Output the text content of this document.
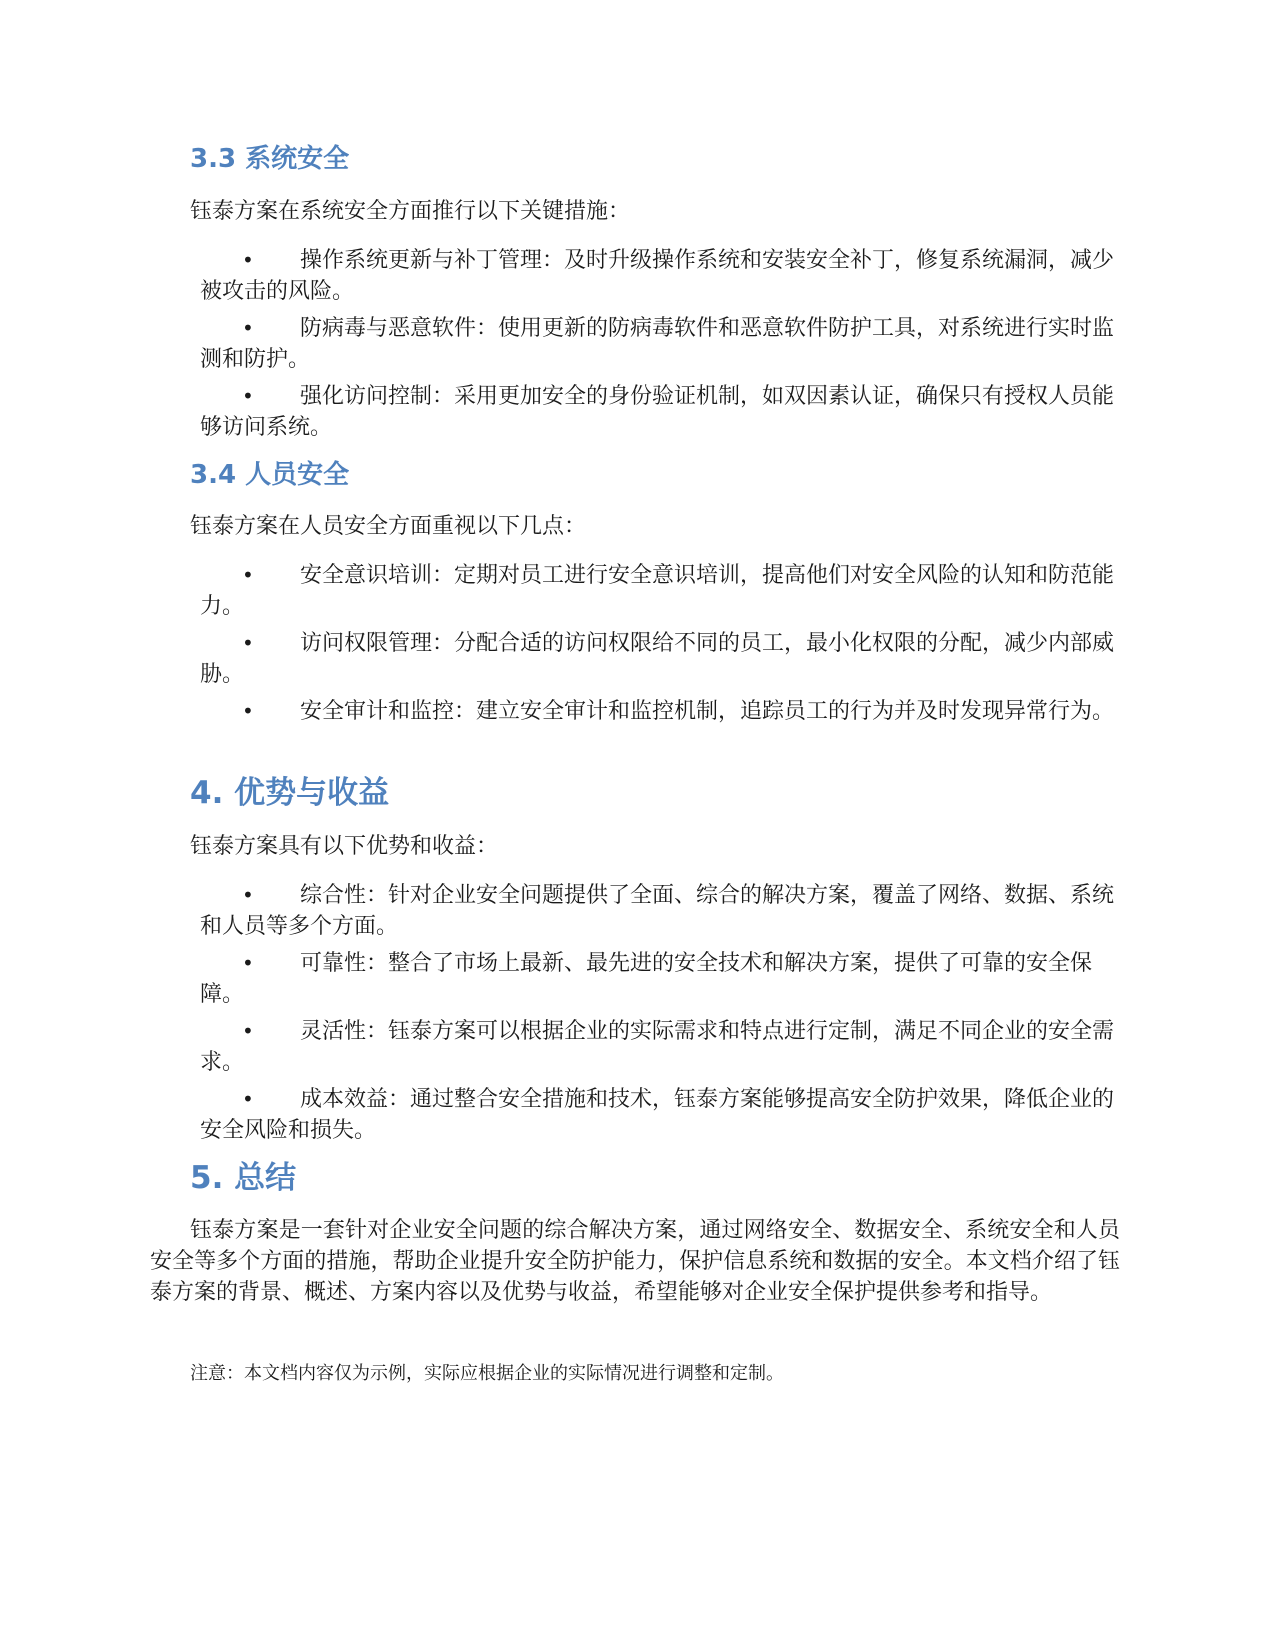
3.3 系统安全

钰泰方案在系统安全方面推行以下关键措施：

• 操作系统更新与补丁管理：及时升级操作系统和安装安全补丁，修复系统漏洞，减少被攻击的风险。
• 防病毒与恶意软件：使用更新的防病毒软件和恶意软件防护工具，对系统进行实时监测和防护。
• 强化访问控制：采用更加安全的身份验证机制，如双因素认证，确保只有授权人员能够访问系统。
3.4 人员安全

钰泰方案在人员安全方面重视以下几点：

• 安全意识培训：定期对员工进行安全意识培训，提高他们对安全风险的认知和防范能力。
• 访问权限管理：分配合适的访问权限给不同的员工，最小化权限的分配，减少内部威胁。
• 安全审计和监控：建立安全审计和监控机制，追踪员工的行为并及时发现异常行为。
4. 优势与收益

钰泰方案具有以下优势和收益：

• 综合性：针对企业安全问题提供了全面、综合的解决方案，覆盖了网络、数据、系统和人员等多个方面。
• 可靠性：整合了市场上最新、最先进的安全技术和解决方案，提供了可靠的安全保障。
• 灵活性：钰泰方案可以根据企业的实际需求和特点进行定制，满足不同企业的安全需求。
• 成本效益：通过整合安全措施和技术，钰泰方案能够提高安全防护效果，降低企业的安全风险和损失。
5. 总结

钰泰方案是一套针对企业安全问题的综合解决方案，通过网络安全、数据安全、系统安全和人员安全等多个方面的措施，帮助企业提升安全防护能力，保护信息系统和数据的安全。本文档介绍了钰泰方案的背景、概述、方案内容以及优势与收益，希望能够对企业安全保护提供参考和指导。

注意：本文档内容仅为示例，实际应根据企业的实际情况进行调整和定制。
